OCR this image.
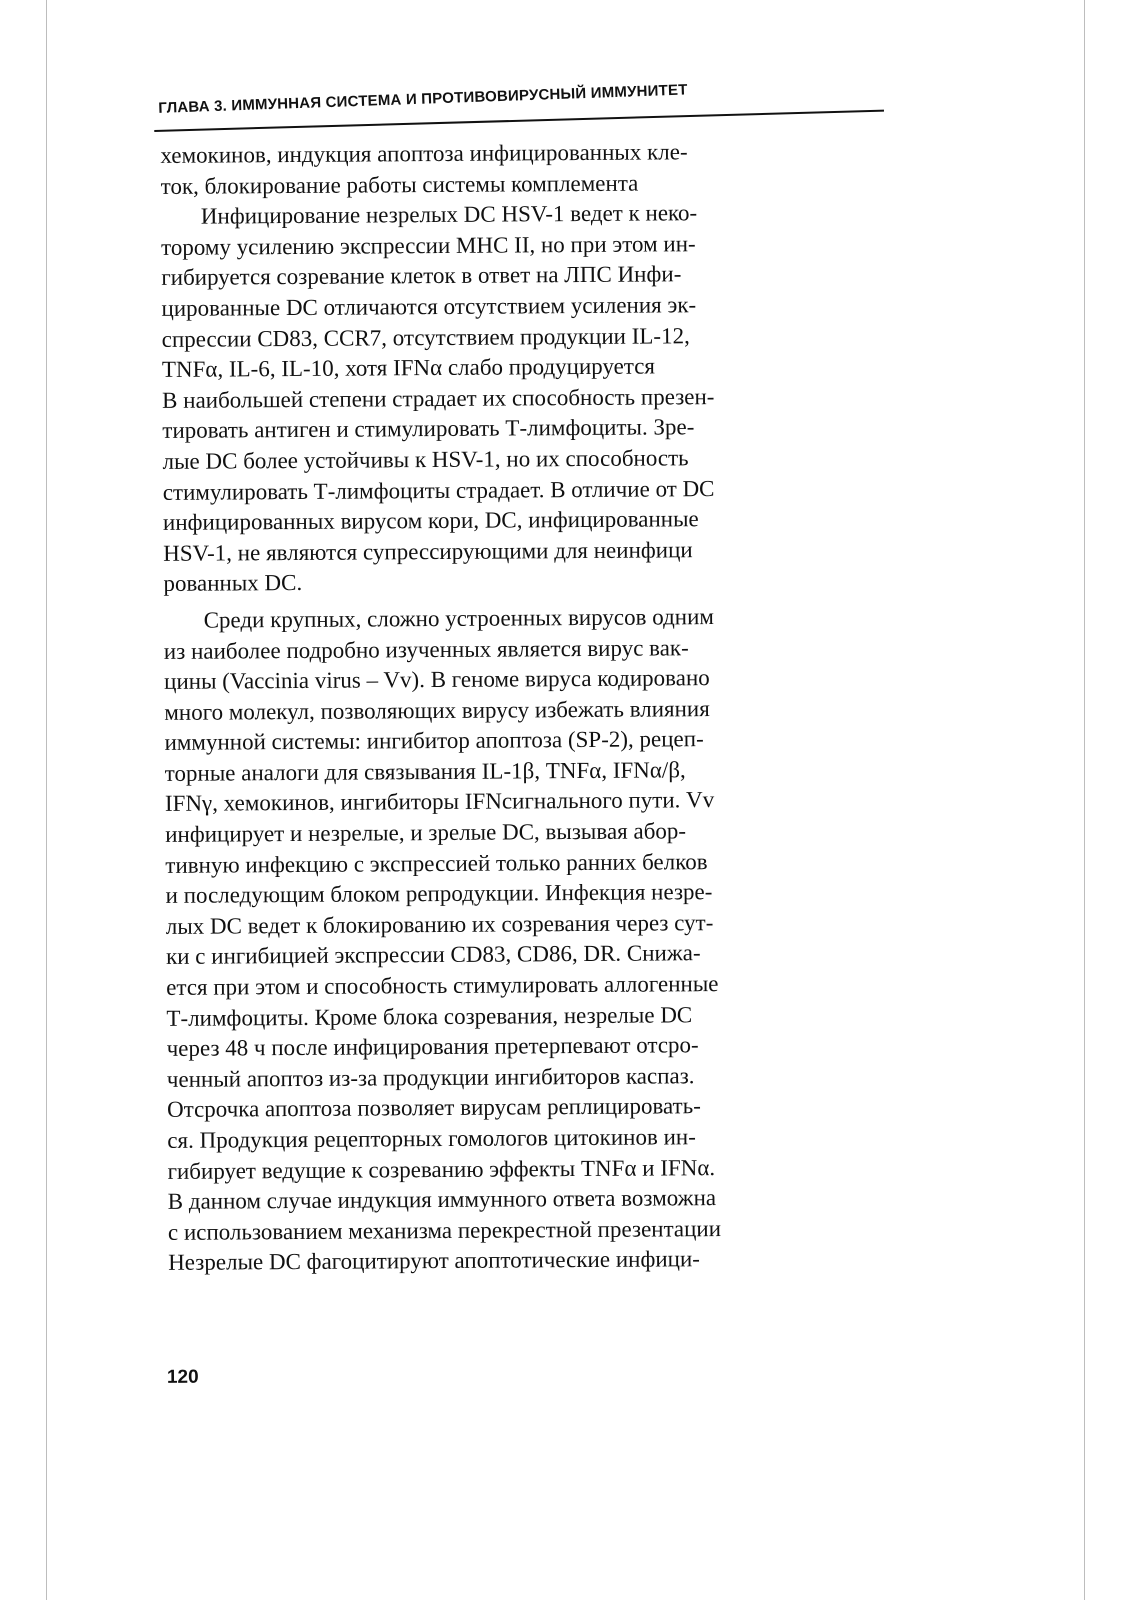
ГЛАВА 3. ИММУННАЯ СИСТЕМА И ПРОТИВОВИРУСНЫЙ ИММУНИТЕТ
хемокинов, индукция апоптоза инфицированных кле-
ток, блокирование работы системы комплемента
Инфицирование незрелых DC HSV-1 ведет к неко-
торому усилению экспрессии MHC II, но при этом ин-
гибируется созревание клеток в ответ на ЛПС Инфи-
цированные DC отличаются отсутствием усиления эк-
спрессии CD83, CCR7, отсутствием продукции IL-12,
TNFα, IL-6, IL-10, хотя IFNα слабо продуцируется
В наибольшей степени страдает их способность презен-
тировать антиген и стимулировать Т-лимфоциты. Зре-
лые DC более устойчивы к HSV-1, но их способность
стимулировать Т-лимфоциты страдает. В отличие от DC
инфицированных вирусом кори, DC, инфицированные
HSV-1, не являются супрессирующими для неинфици
рованных DC.
Среди крупных, сложно устроенных вирусов одним
из наиболее подробно изученных является вирус вак-
цины (Vaccinia virus – Vv). В геноме вируса кодировано
много молекул, позволяющих вирусу избежать влияния
иммунной системы: ингибитор апоптоза (SP-2), рецеп-
торные аналоги для связывания IL-1β, TNFα, IFNα/β,
IFNγ, хемокинов, ингибиторы IFNсигнального пути. Vv
инфицирует и незрелые, и зрелые DC, вызывая абор-
тивную инфекцию с экспрессией только ранних белков
и последующим блоком репродукции. Инфекция незре-
лых DC ведет к блокированию их созревания через сут-
ки с ингибицией экспрессии CD83, CD86, DR. Снижа-
ется при этом и способность стимулировать аллогенные
Т-лимфоциты. Кроме блока созревания, незрелые DC
через 48 ч после инфицирования претерпевают отсро-
ченный апоптоз из-за продукции ингибиторов каспаз.
Отсрочка апоптоза позволяет вирусам реплицировать-
ся. Продукция рецепторных гомологов цитокинов ин-
гибирует ведущие к созреванию эффекты TNFα и IFNα.
В данном случае индукция иммунного ответа возможна
с использованием механизма перекрестной презентации
Незрелые DC фагоцитируют апоптотические инфици-
120
